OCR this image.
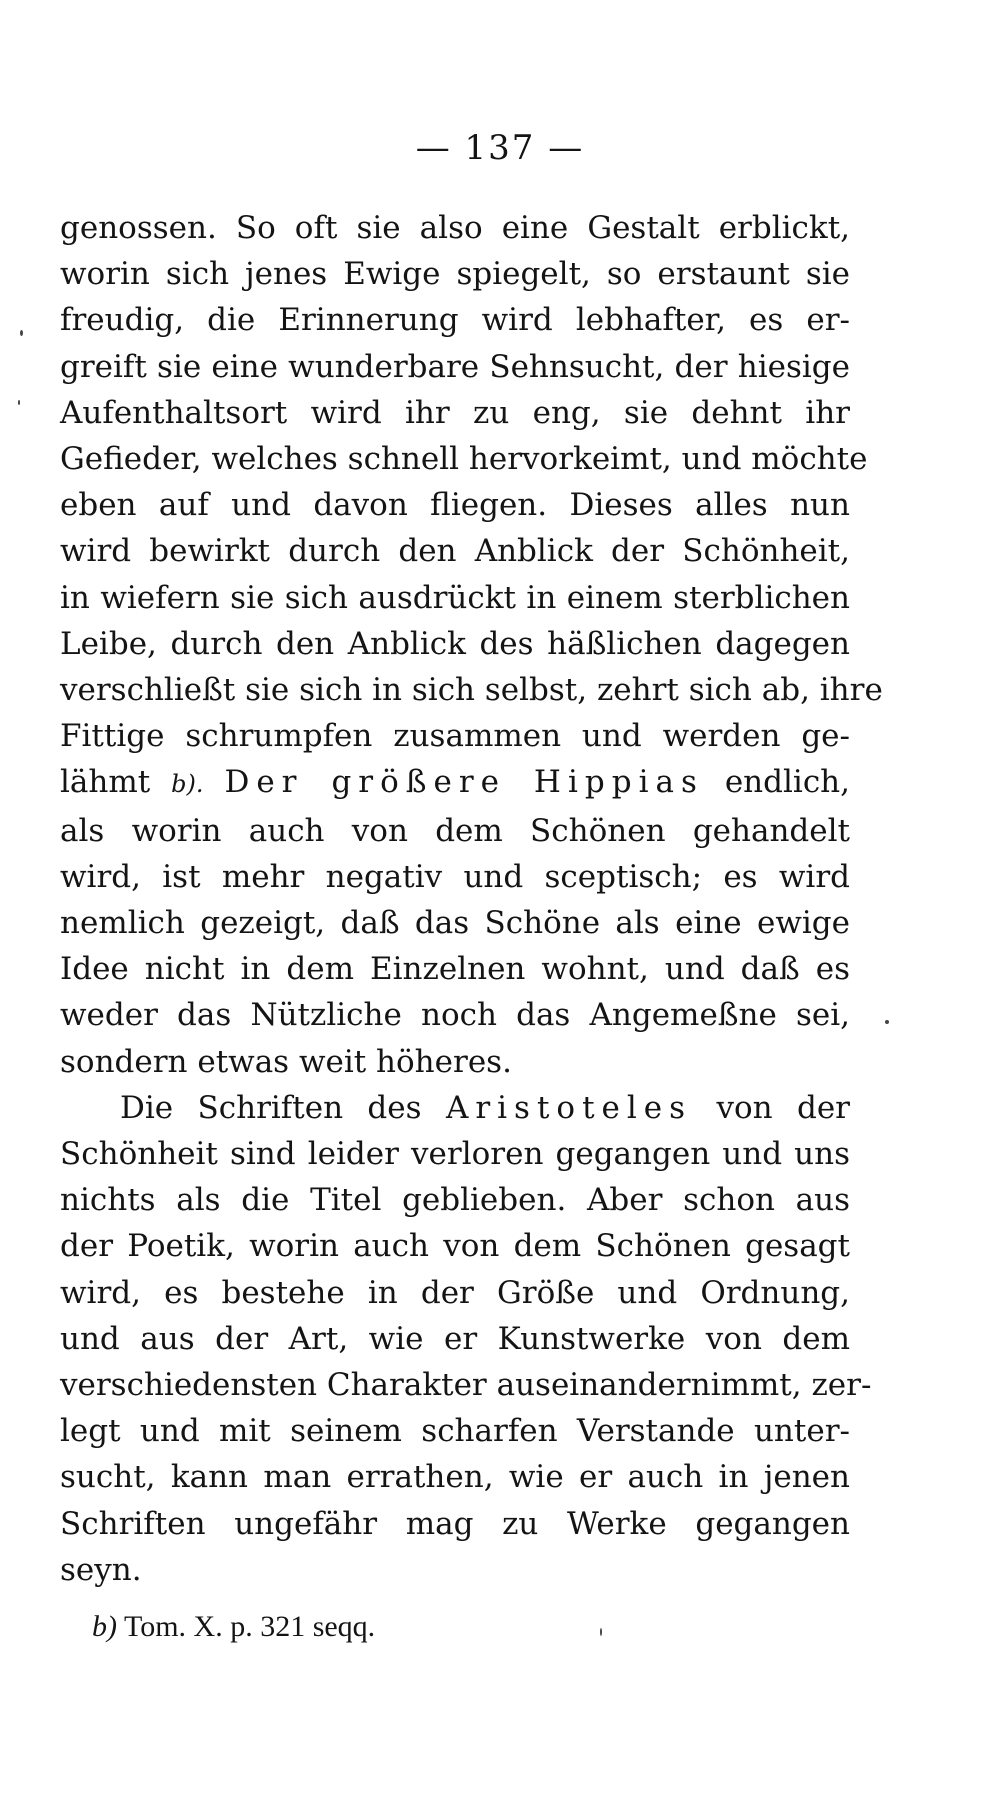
— 137 —
genossen. So oft sie also eine Gestalt erblickt,
worin sich jenes Ewige spiegelt, so erstaunt sie
freudig, die Erinnerung wird lebhafter, es er-
greift sie eine wunderbare Sehnsucht, der hiesige
Aufenthaltsort wird ihr zu eng, sie dehnt ihr
Gefieder, welches schnell hervorkeimt, und möchte
eben auf und davon fliegen. Dieses alles nun
wird bewirkt durch den Anblick der Schönheit,
in wiefern sie sich ausdrückt in einem sterblichen
Leibe, durch den Anblick des häßlichen dagegen
verschließt sie sich in sich selbst, zehrt sich ab, ihre
Fittige schrumpfen zusammen und werden ge-
lähmt b). Der größere Hippias endlich,
als worin auch von dem Schönen gehandelt
wird, ist mehr negativ und sceptisch; es wird
nemlich gezeigt, daß das Schöne als eine ewige
Idee nicht in dem Einzelnen wohnt, und daß es
weder das Nützliche noch das Angemeßne sei,
sondern etwas weit höheres.
Die Schriften des Aristoteles von der
Schönheit sind leider verloren gegangen und uns
nichts als die Titel geblieben. Aber schon aus
der Poetik, worin auch von dem Schönen gesagt
wird, es bestehe in der Größe und Ordnung,
und aus der Art, wie er Kunstwerke von dem
verschiedensten Charakter auseinandernimmt, zer-
legt und mit seinem scharfen Verstande unter-
sucht, kann man errathen, wie er auch in jenen
Schriften ungefähr mag zu Werke gegangen
seyn.
b) Tom. X. p. 321 seqq.
